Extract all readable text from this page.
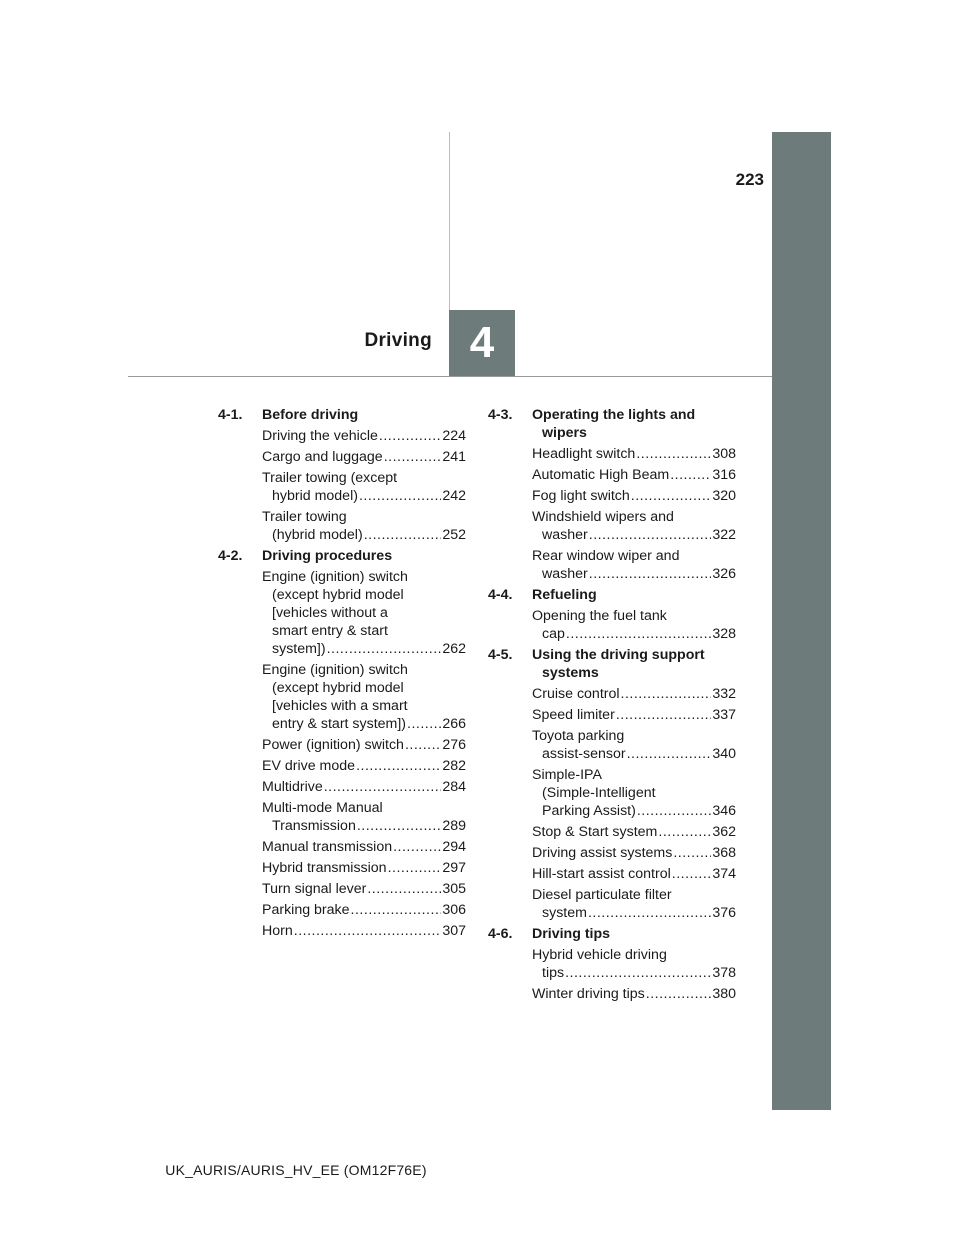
223
4
Driving
4-1. Before driving
Driving the vehicle .....	224
Cargo and luggage .....	241
Trailer towing (except
hybrid model) .....	242
Trailer towing
(hybrid model) .....	252
4-2. Driving procedures
Engine (ignition) switch
(except hybrid model
[vehicles without a
smart entry & start
system]) .....	262
Engine (ignition) switch
(except hybrid model
[vehicles with a smart
entry & start system]) .....	266
Power (ignition) switch .....	276
EV drive mode .....	282
Multidrive .....	284
Multi-mode Manual
Transmission .....	289
Manual transmission .....	294
Hybrid transmission .....	297
Turn signal lever .....	305
Parking brake .....	306
Horn .....	307
4-3. Operating the lights and
wipers
Headlight switch .....	308
Automatic High Beam .....	316
Fog light switch .....	320
Windshield wipers and
washer .....	322
Rear window wiper and
washer .....	326
4-4. Refueling
Opening the fuel tank
cap .....	328
4-5. Using the driving support
systems
Cruise control .....	332
Speed limiter .....	337
Toyota parking
assist-sensor .....	340
Simple-IPA
(Simple-Intelligent
Parking Assist) .....	346
Stop & Start system .....	362
Driving assist systems .....	368
Hill-start assist control .....	374
Diesel particulate filter
system .....	376
4-6. Driving tips
Hybrid vehicle driving
tips .....	378
Winter driving tips .....	380
UK_AURIS/AURIS_HV_EE (OM12F76E)
